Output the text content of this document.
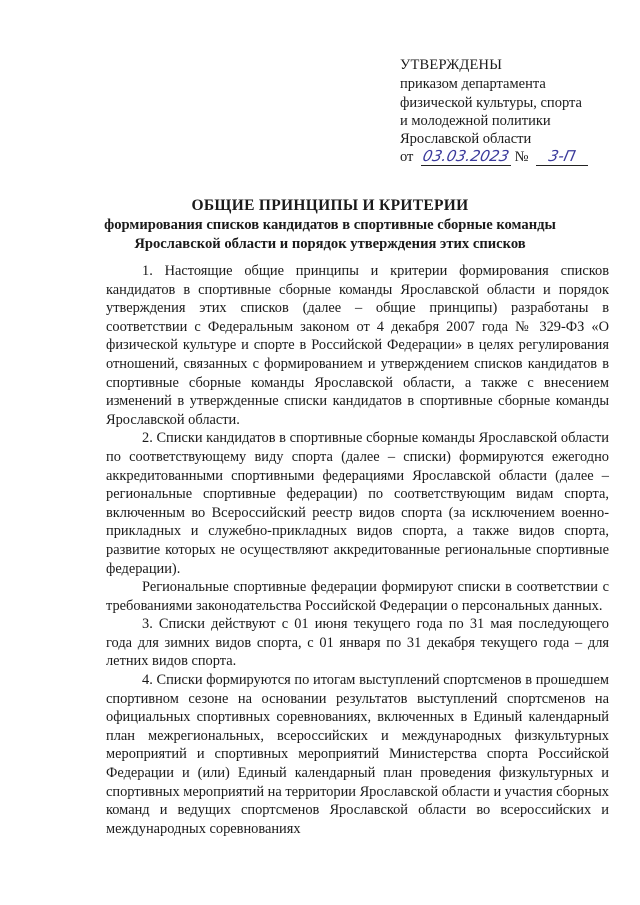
УТВЕРЖДЕНЫ
приказом департамента
физической культуры, спорта
и молодежной политики
Ярославской области
от 03.03.2023 № 3-П
ОБЩИЕ ПРИНЦИПЫ И КРИТЕРИИ
формирования списков кандидатов в спортивные сборные команды
Ярославской области и порядок утверждения этих списков

1. Настоящие общие принципы и критерии формирования списков кандидатов в спортивные сборные команды Ярославской области и порядок утверждения этих списков (далее – общие принципы) разработаны в соответствии с Федеральным законом от 4 декабря 2007 года № 329-ФЗ «О физической культуре и спорте в Российской Федерации» в целях регулирования отношений, связанных с формированием и утверждением списков кандидатов в спортивные сборные команды Ярославской области, а также с внесением изменений в утвержденные списки кандидатов в спортивные сборные команды Ярославской области.

2. Списки кандидатов в спортивные сборные команды Ярославской области по соответствующему виду спорта (далее – списки) формируются ежегодно аккредитованными спортивными федерациями Ярославской области (далее – региональные спортивные федерации) по соответствующим видам спорта, включенным во Всероссийский реестр видов спорта (за исключением военно-прикладных и служебно-прикладных видов спорта, а также видов спорта, развитие которых не осуществляют аккредитованные региональные спортивные федерации).

Региональные спортивные федерации формируют списки в соответствии с требованиями законодательства Российской Федерации о персональных данных.

3. Списки действуют с 01 июня текущего года по 31 мая последующего года для зимних видов спорта, с 01 января по 31 декабря текущего года – для летних видов спорта.

4. Списки формируются по итогам выступлений спортсменов в прошедшем спортивном сезоне на основании результатов выступлений спортсменов на официальных спортивных соревнованиях, включенных в Единый календарный план межрегиональных, всероссийских и международных физкультурных мероприятий и спортивных мероприятий Министерства спорта Российской Федерации и (или) Единый календарный план проведения физкультурных и спортивных мероприятий на территории Ярославской области и участия сборных команд и ведущих спортсменов Ярославской области во всероссийских и международных соревнованиях
